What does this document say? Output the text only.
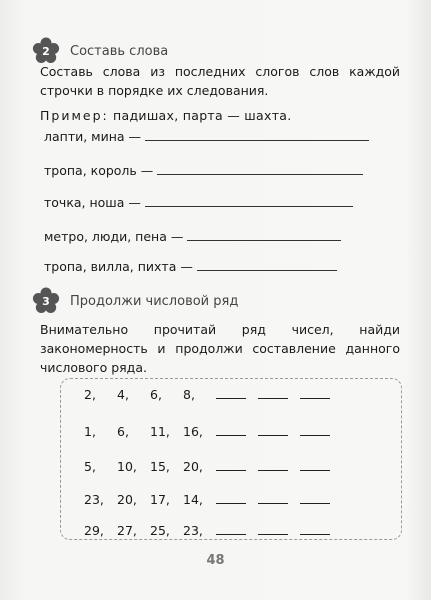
2 Составь слова

Составь слова из последних слогов слов каждой строчки в порядке их следования.

Пример: падишах, парта — шахта.
лапти, мина —
тропа, король —
точка, ноша —
метро, люди, пена —
тропа, вилла, пихта —
3 Продолжи числовой ряд

Внимательно прочитай ряд чисел, найди закономерность и продолжи составление данного числового ряда.

2,	4,	6,	8,
1,	6,	11,	16,
5,	10,	15,	20,
23,	20,	17,	14,
29,	27,	25,	23,
48
